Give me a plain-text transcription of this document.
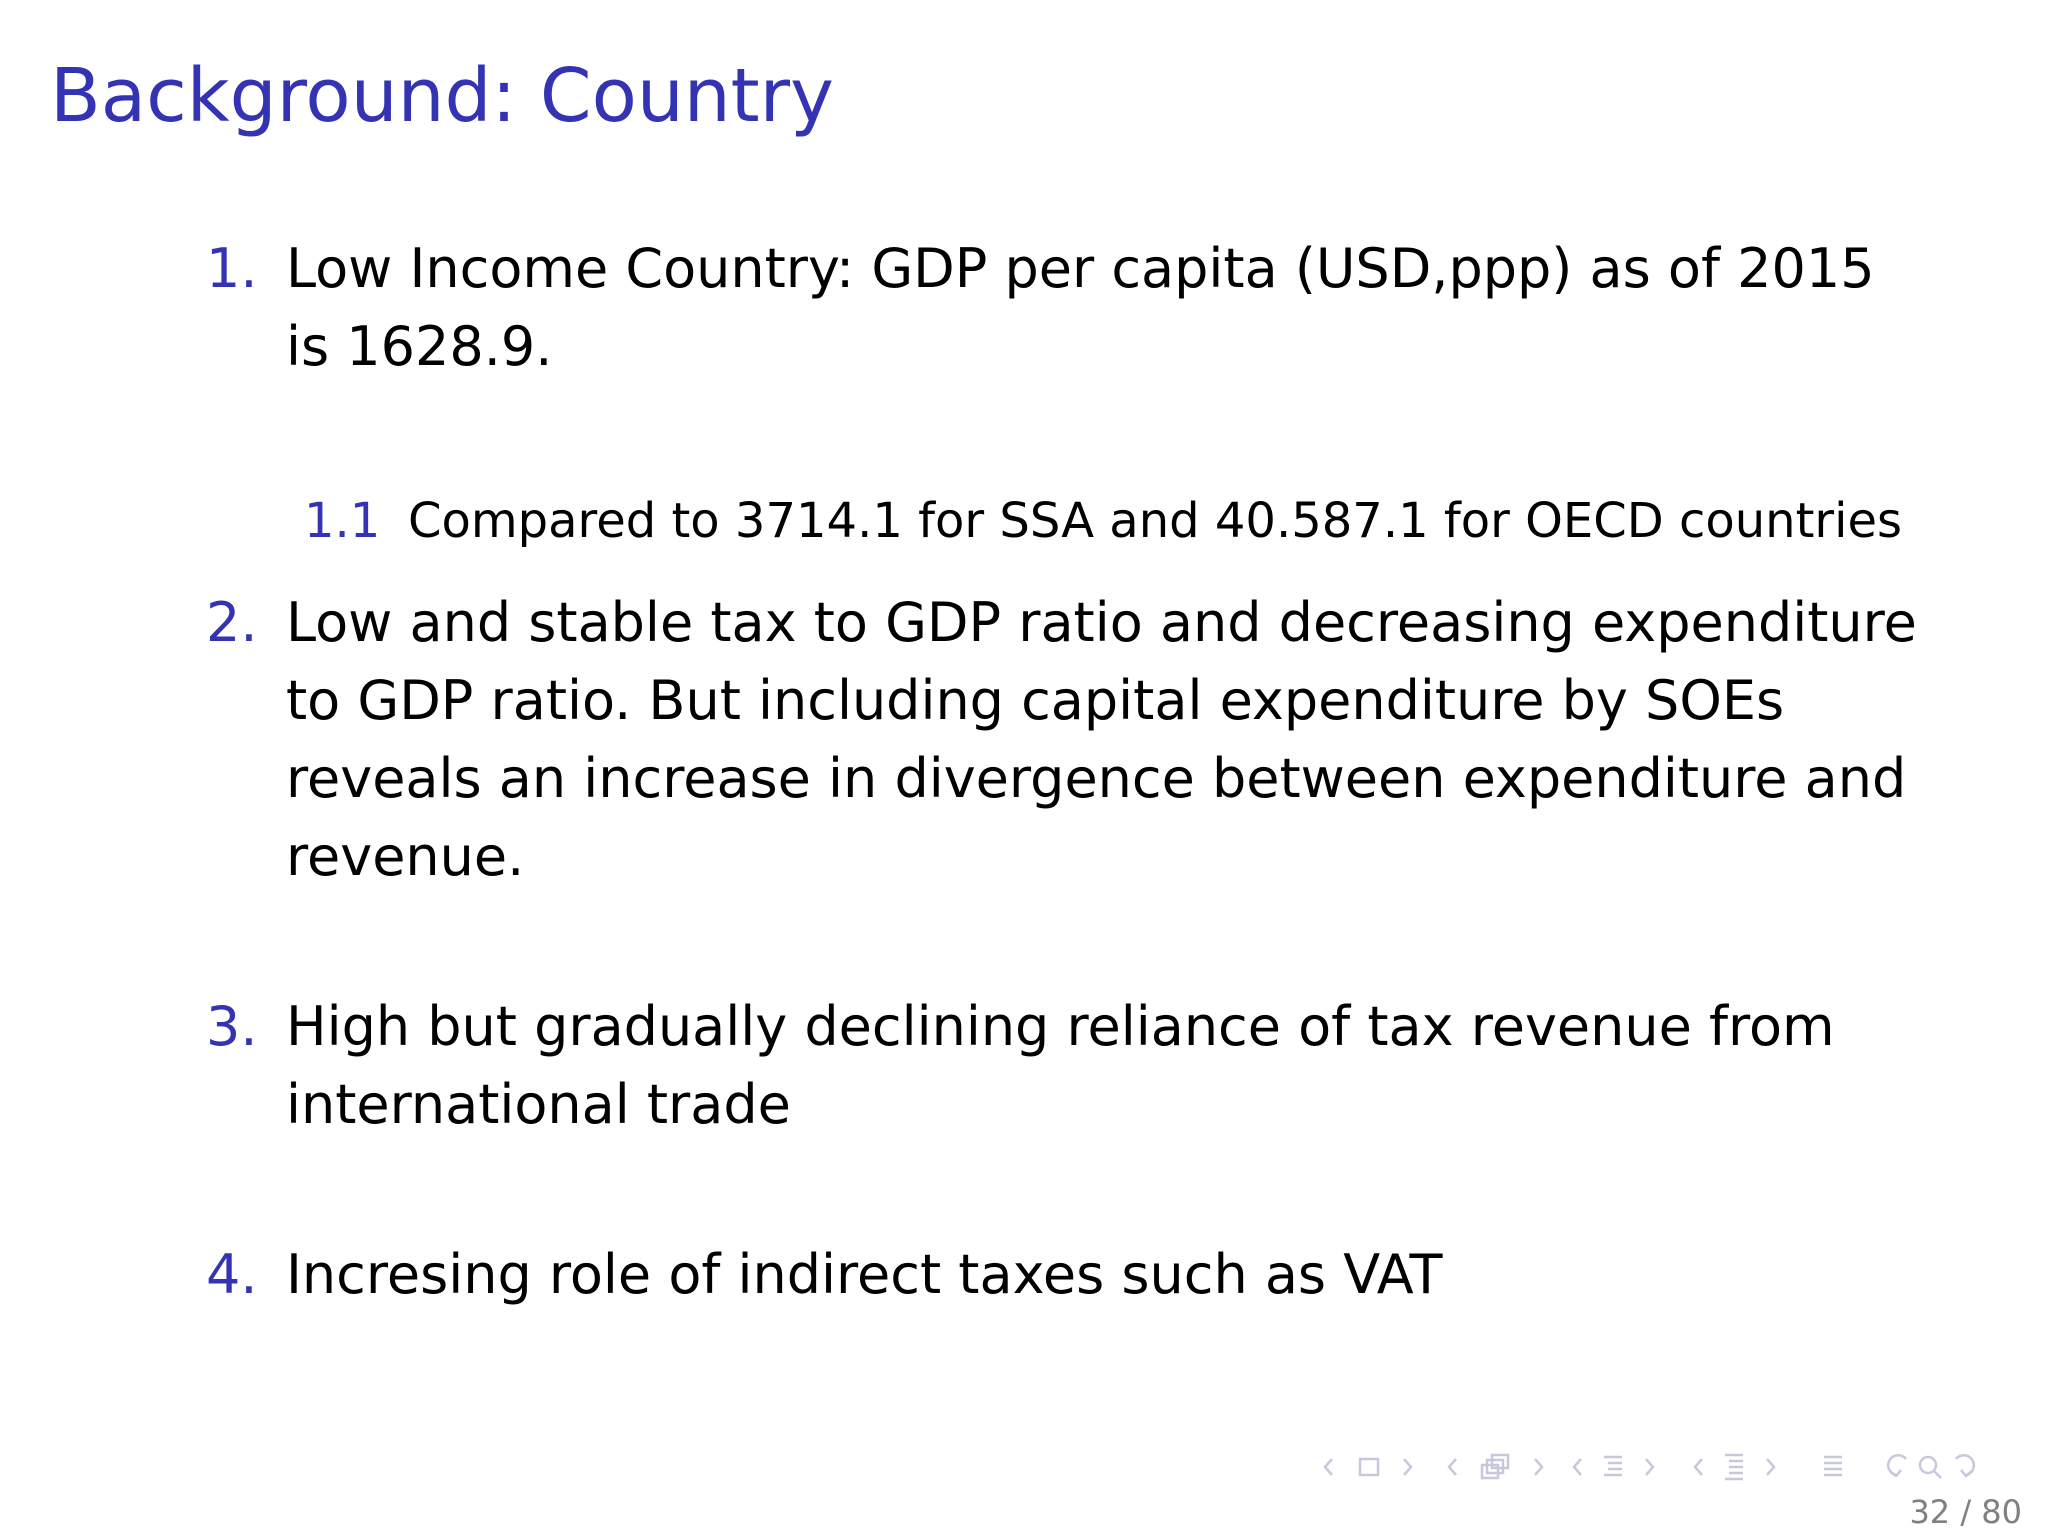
Background: Country
1. Low Income Country: GDP per capita (USD,ppp) as of 2015
is 1628.9.
1.1 Compared to 3714.1 for SSA and 40.587.1 for OECD countries
2. Low and stable tax to GDP ratio and decreasing expenditure
to GDP ratio. But including capital expenditure by SOEs
reveals an increase in divergence between expenditure and
revenue.
3. High but gradually declining reliance of tax revenue from
international trade
4. Incresing role of indirect taxes such as VAT
32 / 80
